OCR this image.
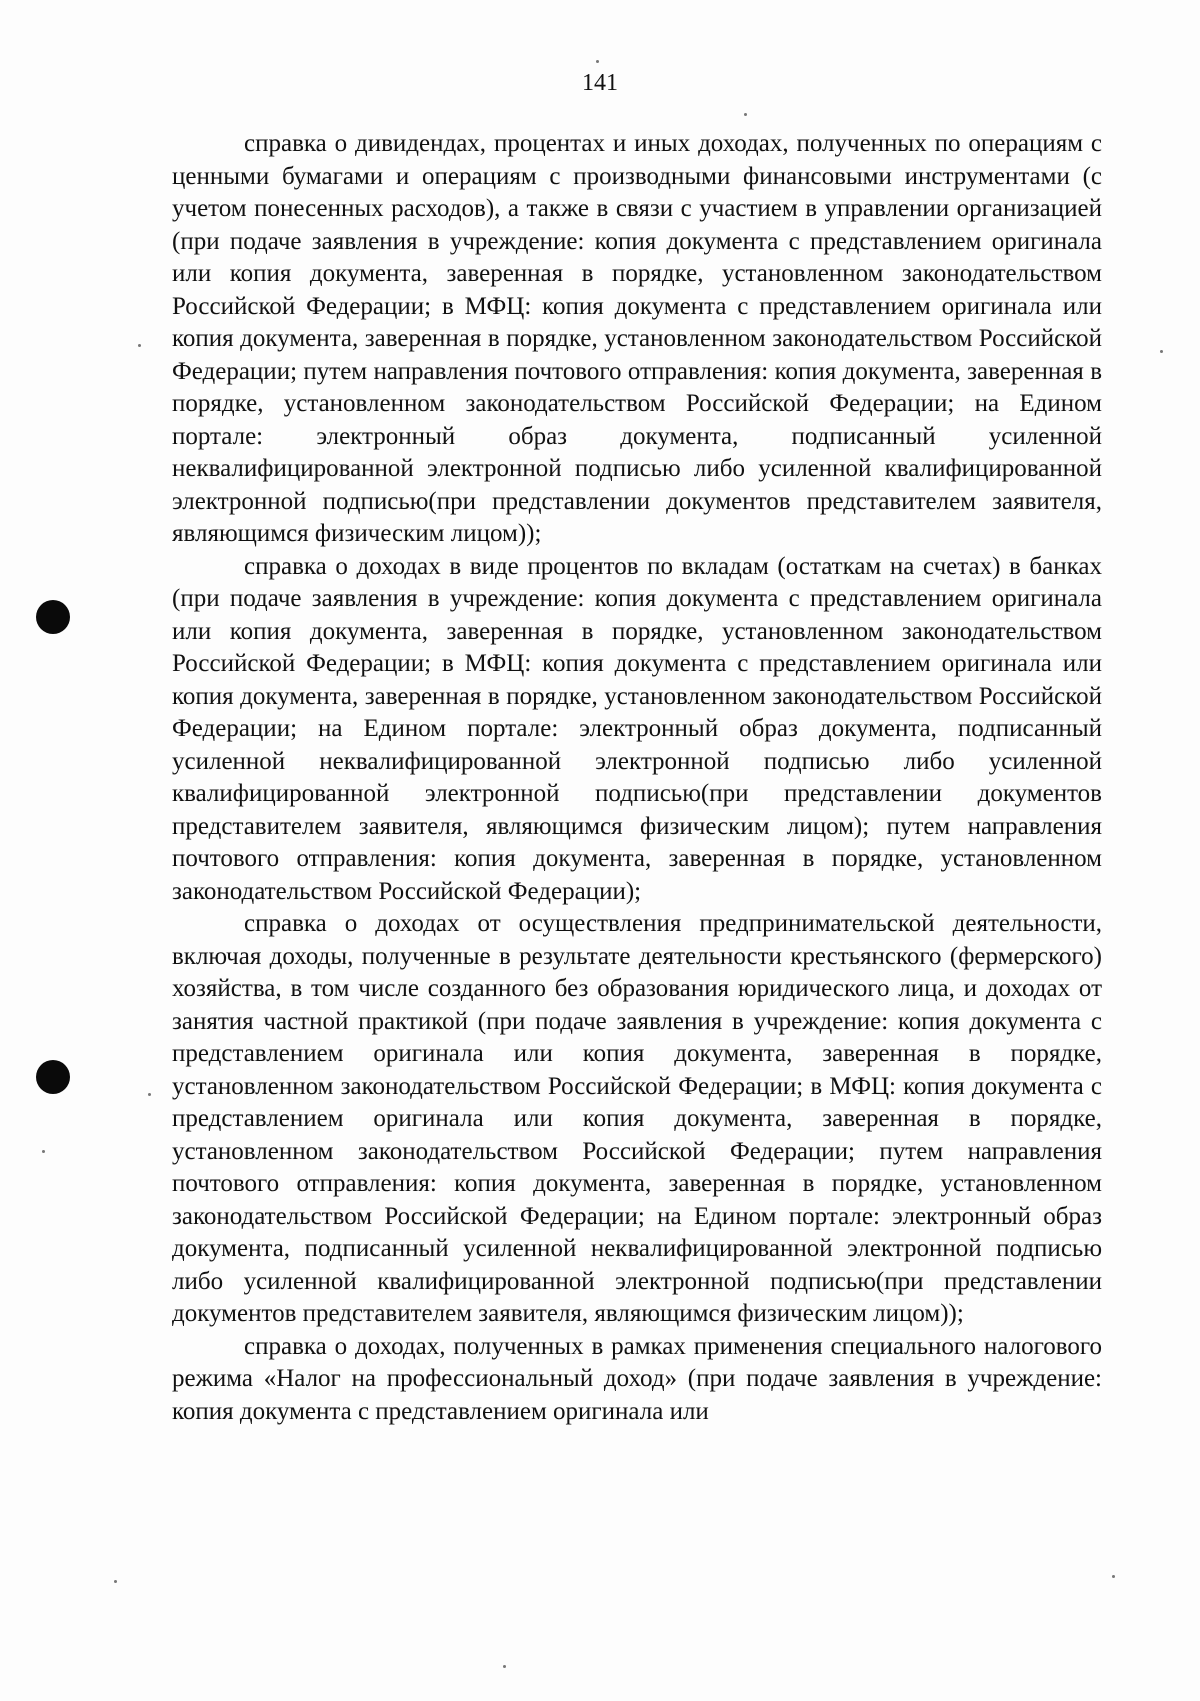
141

справка о дивидендах, процентах и иных доходах, полученных по операциям с ценными бумагами и операциям с производными финансовыми инструментами (с учетом понесенных расходов), а также в связи с участием в управлении организацией (при подаче заявления в учреждение: копия документа с представлением оригинала или копия документа, заверенная в порядке, установленном законодательством Российской Федерации; в МФЦ: копия документа с представлением оригинала или копия документа, заверенная в порядке, установленном законодательством Российской Федерации; путем направления почтового отправления: копия документа, заверенная в порядке, установленном законодательством Российской Федерации; на Едином портале: электронный образ документа, подписанный усиленной неквалифицированной электронной подписью либо усиленной квалифицированной электронной подписью(при представлении документов представителем заявителя, являющимся физическим лицом));

справка о доходах в виде процентов по вкладам (остаткам на счетах) в банках (при подаче заявления в учреждение: копия документа с представлением оригинала или копия документа, заверенная в порядке, установленном законодательством Российской Федерации; в МФЦ: копия документа с представлением оригинала или копия документа, заверенная в порядке, установленном законодательством Российской Федерации; на Едином портале: электронный образ документа, подписанный усиленной неквалифицированной электронной подписью либо усиленной квалифицированной электронной подписью(при представлении документов представителем заявителя, являющимся физическим лицом); путем направления почтового отправления: копия документа, заверенная в порядке, установленном законодательством Российской Федерации);

справка о доходах от осуществления предпринимательской деятельности, включая доходы, полученные в результате деятельности крестьянского (фермерского) хозяйства, в том числе созданного без образования юридического лица, и доходах от занятия частной практикой (при подаче заявления в учреждение: копия документа с представлением оригинала или копия документа, заверенная в порядке, установленном законодательством Российской Федерации; в МФЦ: копия документа с представлением оригинала или копия документа, заверенная в порядке, установленном законодательством Российской Федерации; путем направления почтового отправления: копия документа, заверенная в порядке, установленном законодательством Российской Федерации; на Едином портале: электронный образ документа, подписанный усиленной неквалифицированной электронной подписью либо усиленной квалифицированной электронной подписью(при представлении документов представителем заявителя, являющимся физическим лицом));

справка о доходах, полученных в рамках применения специального налогового режима «Налог на профессиональный доход» (при подаче заявления в учреждение: копия документа с представлением оригинала или
